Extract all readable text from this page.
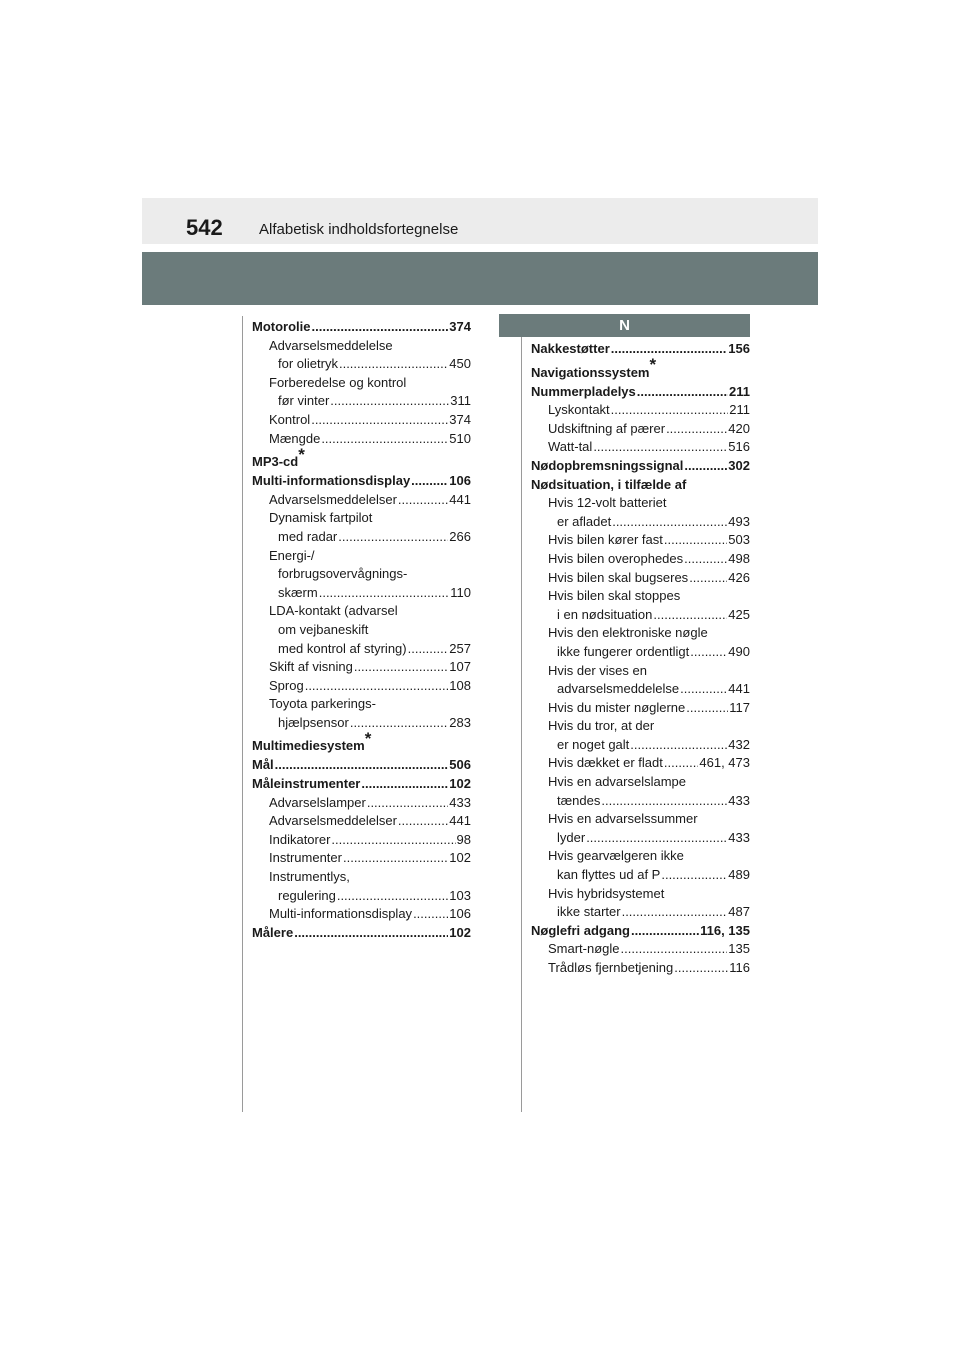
542 Alfabetisk indholdsfortegnelse
N
Motorolie .....	374
Advarselsmeddelelse
for olietryk .....	450
Forberedelse og kontrol
før vinter .....	311
Kontrol .....	374
Mængde .....	510
MP3-cd*
Multi-informationsdisplay .....	106
Advarselsmeddelelser .....	441
Dynamisk fartpilot
med radar .....	266
Energi-/
forbrugsovervågnings-
skærm .....	110
LDA-kontakt (advarsel
om vejbaneskift
med kontrol af styring) .....	257
Skift af visning .....	107
Sprog .....	108
Toyota parkerings-
hjælpsensor .....	283
Multimediesystem*
Mål .....	506
Måleinstrumenter .....	102
Advarselslamper .....	433
Advarselsmeddelelser .....	441
Indikatorer .....	98
Instrumenter .....	102
Instrumentlys,
regulering .....	103
Multi-informationsdisplay .....	106
Målere .....	102
Nakkestøtter .....	156
Navigationssystem*
Nummerpladelys .....	211
Lyskontakt .....	211
Udskiftning af pærer .....	420
Watt-tal .....	516
Nødopbremsningssignal .....	302
Nødsituation, i tilfælde af
Hvis 12-volt batteriet
er afladet .....	493
Hvis bilen kører fast .....	503
Hvis bilen overophedes .....	498
Hvis bilen skal bugseres .....	426
Hvis bilen skal stoppes
i en nødsituation .....	425
Hvis den elektroniske nøgle
ikke fungerer ordentligt .....	490
Hvis der vises en
advarselsmeddelelse .....	441
Hvis du mister nøglerne .....	117
Hvis du tror, at der
er noget galt .....	432
Hvis dækket er fladt .....	461, 473
Hvis en advarselslampe
tændes .....	433
Hvis en advarselssummer
lyder .....	433
Hvis gearvælgeren ikke
kan flyttes ud af P .....	489
Hvis hybridsystemet
ikke starter .....	487
Nøglefri adgang .....	116, 135
Smart-nøgle .....	135
Trådløs fjernbetjening .....	116
